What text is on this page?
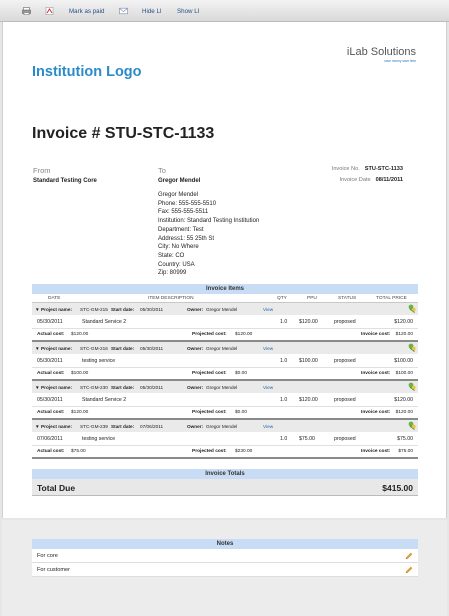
Mark as paid	Hide LI Show LI
iLab Solutions
save money save time
Institution Logo
Invoice # STU-STC-1133
From
Standard Testing Core
To
Gregor Mendel
Gregor Mendel
Phone: 555-555-5510
Fax: 555-555-5511
Institution: Standard Testing Institution
Department: Test
Address1: 55 25th St
City: No Where
State: CO
Country: USA
Zip: 80999
Invoice No. STU-STC-1133
Invoice Date 08/11/2011
Invoice Items
DATE	ITEM DESCRIPTION	QTY	PPU	STATUS	TOTAL PRICE
▼ Project name: STC-GM-215 Start date: 05/30/2011	Owner: Gregor Mendel	View
05/30/2011	Standard Service 2	1.0 $120.00	proposed	$120.00
Actual cost: $120.00	Projected cost: $120.00	Invoice cost: $120.00
▼ Project name: STC-GM-216 Start date: 05/30/2011	Owner: Gregor Mendel	View
05/30/2011	testing service	1.0 $100.00	proposed	$100.00
Actual cost: $100.00	Projected cost: $0.00	Invoice cost: $100.00
▼ Project name: STC-GM-230 Start date: 05/30/2011	Owner: Gregor Mendel	View
05/30/2011	Standard Service 2	1.0 $120.00	proposed	$120.00
Actual cost: $120.00	Projected cost: $0.00	Invoice cost: $120.00
▼ Project name: STC-GM-239 Start date: 07/06/2011	Owner: Gregor Mendel	View
07/06/2011	testing service	1.0 $75.00	proposed	$75.00
Actual cost: $75.00	Projected cost: $230.00	Invoice cost: $75.00
Invoice Totals
Total Due	$415.00
Notes
For core
For customer
